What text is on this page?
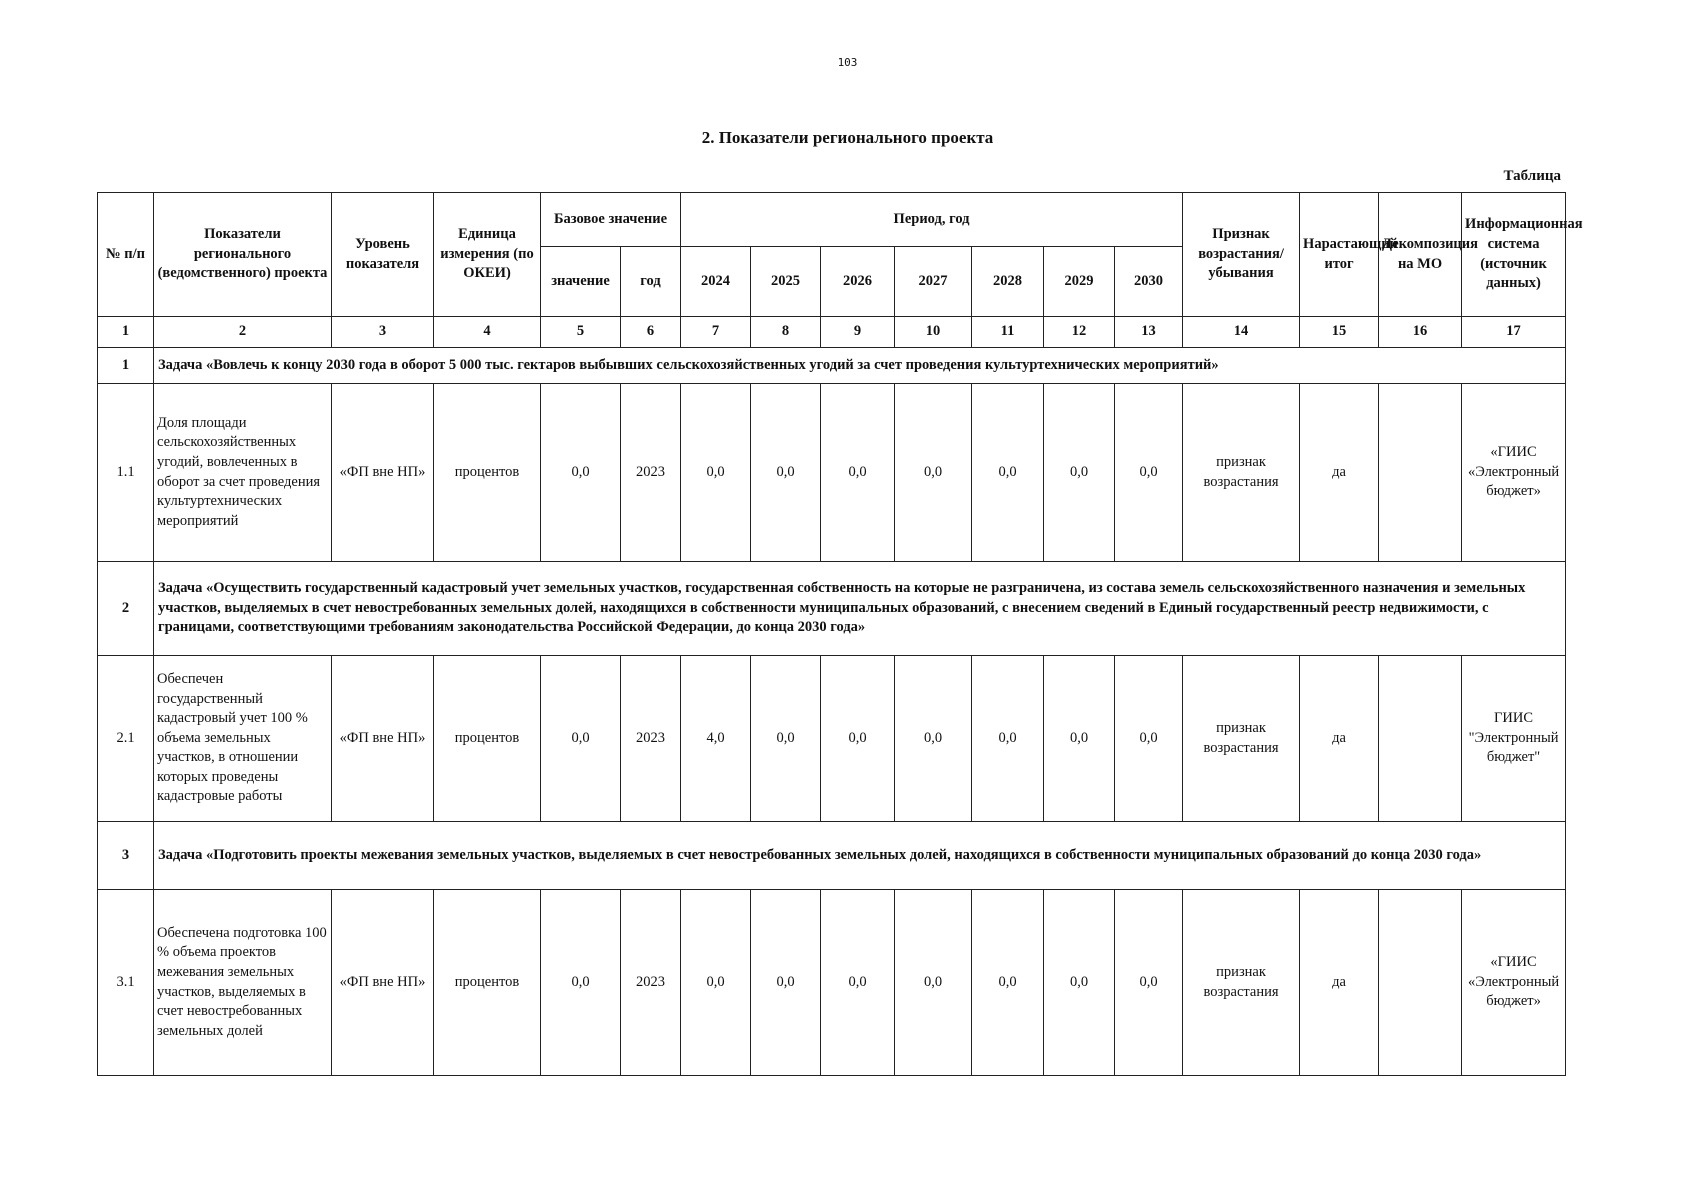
103
2. Показатели регионального проекта
Таблица
№ п/п	Показатели регионального (ведомственного) проекта	Уровень показателя	Единица измерения (по ОКЕИ)	Базовое значение		Период, год							Признак возрастания/убывания	Нарастающий итог	Декомпозиция на МО	Информационная система (источник данных)
				значение	год	2024	2025	2026	2027	2028	2029	2030				
1	2	3	4	5	6	7	8	9	10	11	12	13	14	15	16	17
1	Задача «Вовлечь к концу 2030 года в оборот 5 000 тыс. гектаров выбывших сельскохозяйственных угодий за счет проведения культуртехнических мероприятий»															
1.1	Доля площади сельскохозяйственных угодий, вовлеченных в оборот за счет проведения культуртехнических мероприятий	«ФП вне НП»	процентов	0,0	2023	0,0	0,0	0,0	0,0	0,0	0,0	0,0	признак возрастания	да		«ГИИС «Электронный бюджет»
2	Задача «Осуществить государственный кадастровый учет земельных участков, государственная собственность на которые не разграничена, из состава земель сельскохозяйственного назначения и земельных участков, выделяемых в счет невостребованных земельных долей, находящихся в собственности муниципальных образований, с внесением сведений в Единый государственный реестр недвижимости, с границами, соответствующими требованиям законодательства Российской Федерации, до конца 2030 года»															
2.1	Обеспечен государственный кадастровый учет 100 % объема земельных участков, в отношении которых проведены кадастровые работы	«ФП вне НП»	процентов	0,0	2023	4,0	0,0	0,0	0,0	0,0	0,0	0,0	признак возрастания	да		ГИИС "Электронный бюджет"
3	Задача «Подготовить проекты межевания земельных участков, выделяемых в счет невостребованных земельных долей, находящихся в собственности муниципальных образований до конца 2030 года»															
3.1	Обеспечена подготовка 100 % объема проектов межевания земельных участков, выделяемых в счет невостребованных земельных долей	«ФП вне НП»	процентов	0,0	2023	0,0	0,0	0,0	0,0	0,0	0,0	0,0	признак возрастания	да		«ГИИС «Электронный бюджет»
